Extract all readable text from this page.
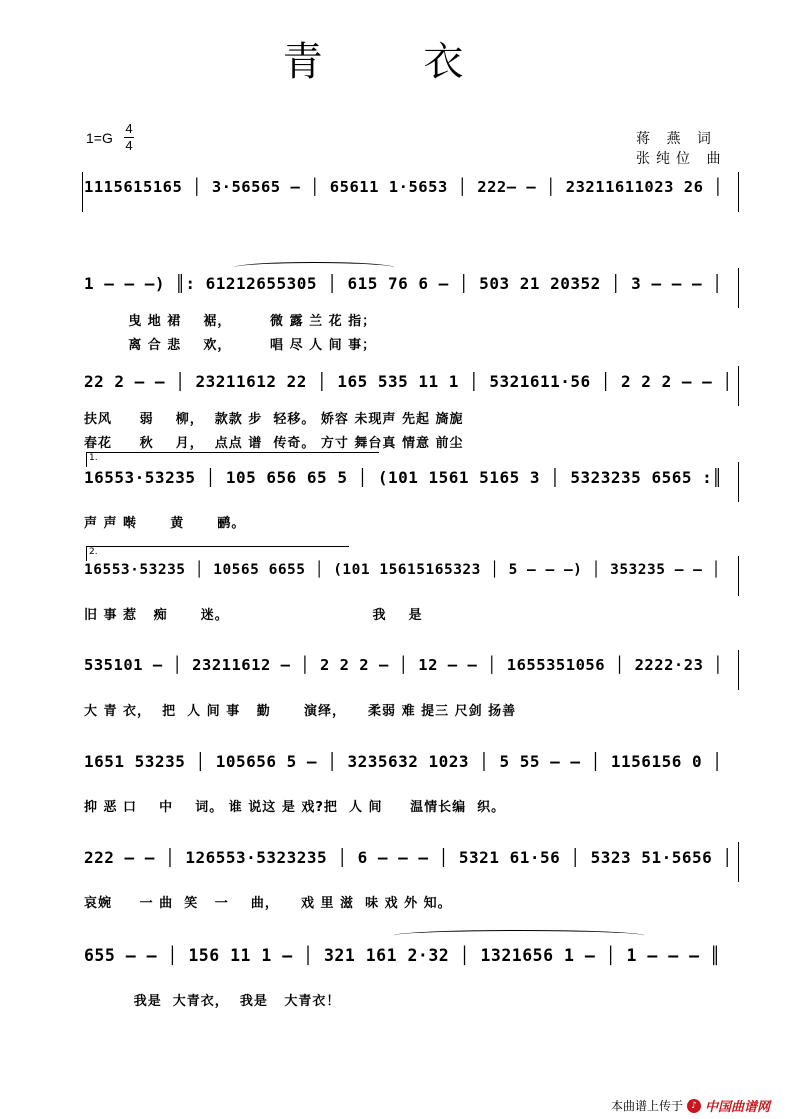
青 衣
1=G
4
4	蒋 燕 词
张纯位 曲
1115615165 │ 3·56565 – │ 65611 1·5653 │ 222– – │ 23211611023 26 │
1 – – –) ║: 61212655305 │ 615 76 6 – │ 503 21 20352 │ 3 – – – │
曳 地 裙    裾，       微 露 兰 花 指；
离 合 悲    欢，       唱 尽 人 间 事；
22 2 – – │ 23211612 22 │ 165 535 11 1 │ 5321611·56 │ 2 2 2 – – │
扶风     弱    柳，  款款 步  轻移。 娇容 未现声 先起 旖旎
春花     秋    月，  点点 谱  传奇。 方寸 舞台真 情意 前尘
1.
16553·53235 │ 105 656 65 5 │ (101 1561 5165 3 │ 5323235 6565 :║
声 声 啭      黄      鹂。
2.
16553·53235 │ 10565 6655 │ (101 15615165323 │ 5 – – –) │ 353235 – – │
旧 事 惹   痴      迷。                          我    是
535101 – │ 23211612 – │ 2 2 2 – │ 12 – – │ 1655351056 │ 2222·23 │
大 青 衣，  把  人 间 事   勤      演绎，    柔弱 难 提三 尺剑 扬善
1651 53235 │ 105656 5 – │ 3235632 1023 │ 5 55 – – │ 1156156 0 │
抑 恶 口    中    词。 谁 说这 是 戏?把  人 间     温情长编  织。
222 – – │ 126553·5323235 │ 6 – – – │ 5321 61·56 │ 5323 51·5656 │
哀婉     一 曲  笑   一    曲，    戏 里 滋  味 戏 外 知。
655 – – │ 156 11 1 – │ 321 161 2·32 │ 1321656 1 – │ 1 – – – ║
我是  大青衣，  我是   大青衣！
本曲谱上传于 ♪ 中国曲谱网
